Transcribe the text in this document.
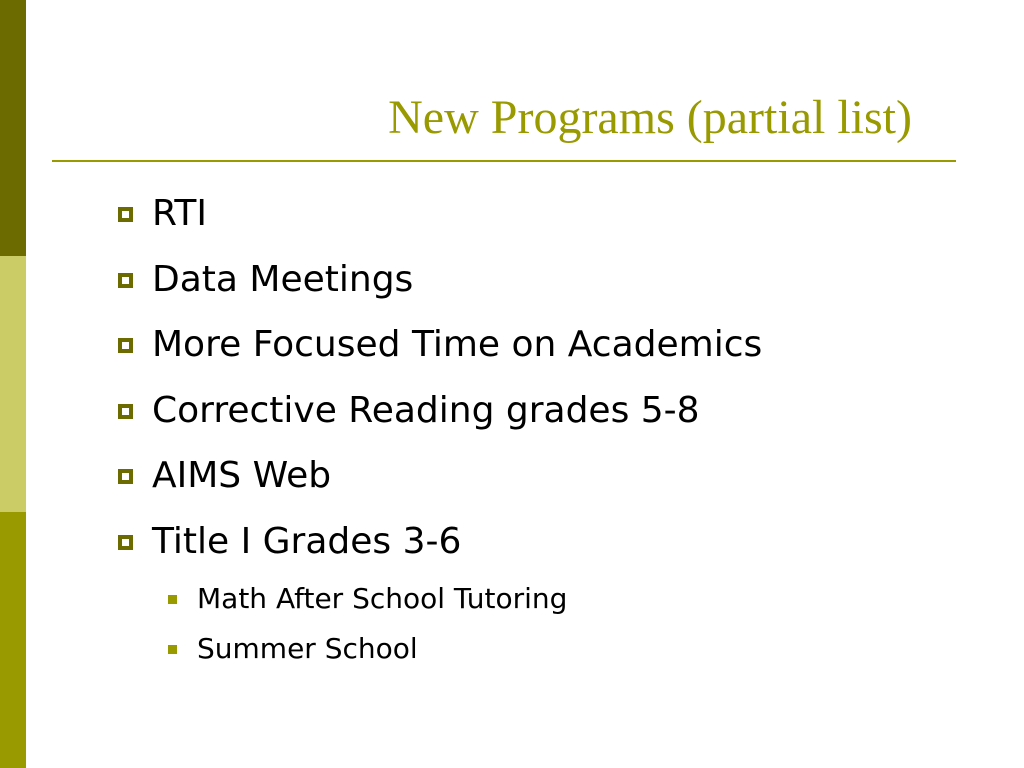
New Programs (partial list)
RTI
Data Meetings
More Focused Time on Academics
Corrective Reading grades 5-8
AIMS Web
Title I Grades 3-6
Math After School Tutoring
Summer School
